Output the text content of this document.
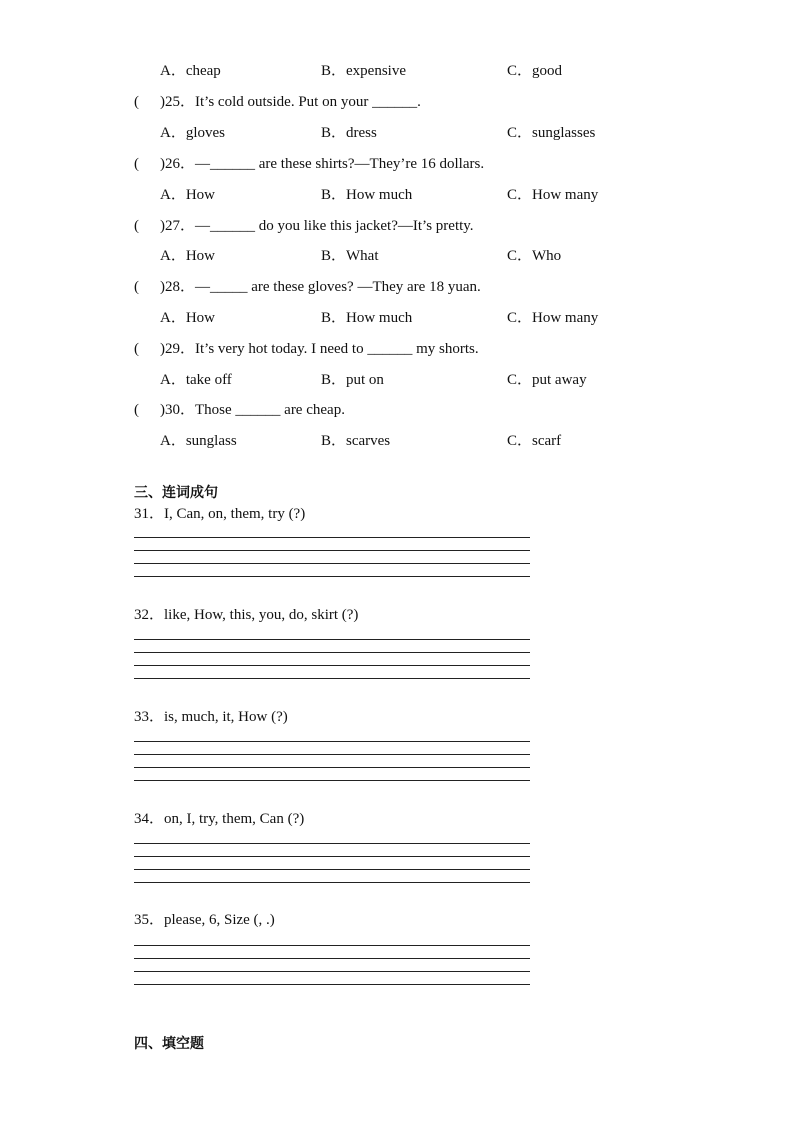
A．cheap	B．expensive	C．good
( )25．It’s cold outside. Put on your ______.
A．gloves	B．dress	C．sunglasses
( )26．—______ are these shirts?—They’re 16 dollars.
A．How	B．How much	C．How many
( )27．—______ do you like this jacket?—It’s pretty.
A．How	B．What	C．Who
( )28．—_____ are these gloves? —They are 18 yuan.
A．How	B．How much	C．How many
( )29．It’s very hot today. I need to ______ my shorts.
A．take off	B．put on	C．put away
( )30．Those ______ are cheap.
A．sunglass	B．scarves	C．scarf
三、连词成句
31．I, Can, on, them, try (?)
32．like, How, this, you, do, skirt (?)
33．is, much, it, How (?)
34．on, I, try, them, Can (?)
35．please, 6, Size (, .)
四、填空题
